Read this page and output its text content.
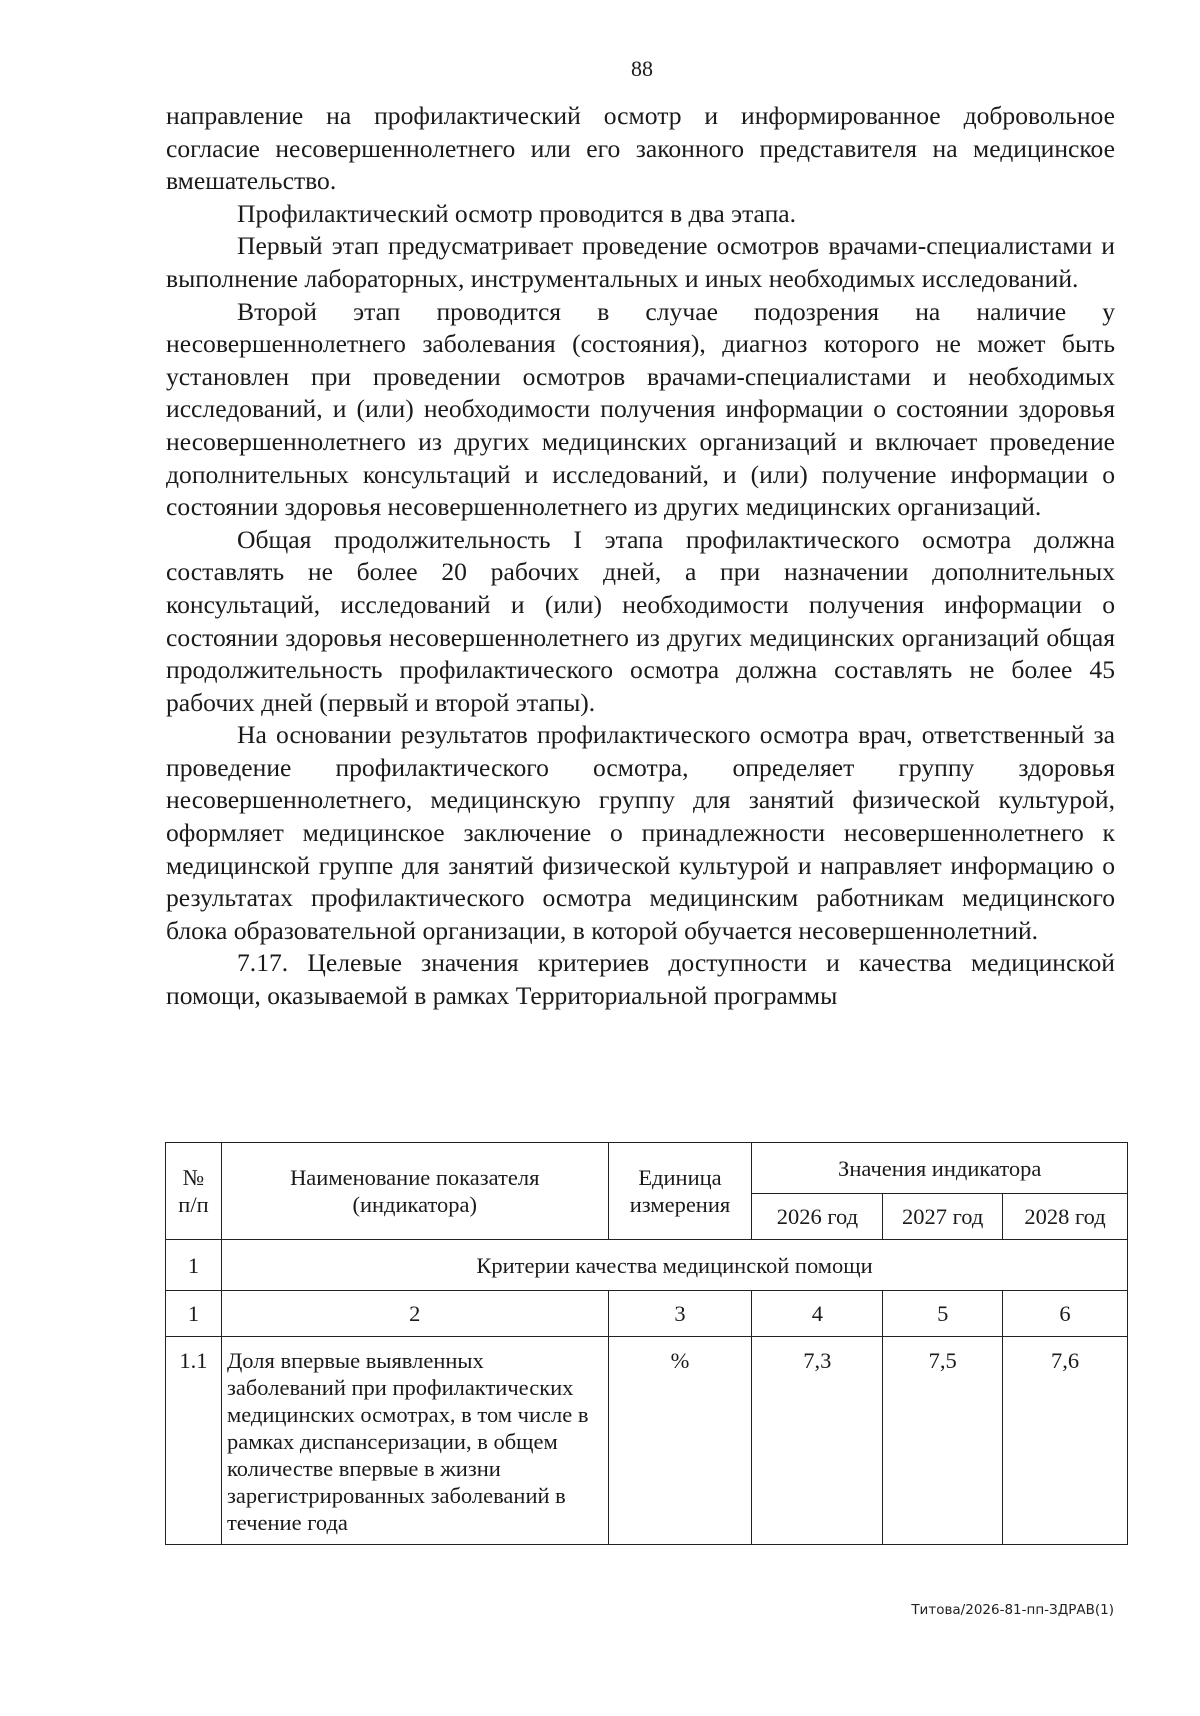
88

направление на профилактический осмотр и информированное добровольное согласие несовершеннолетнего или его законного представителя на медицинское вмешательство.

Профилактический осмотр проводится в два этапа.

Первый этап предусматривает проведение осмотров врачами-специалистами и выполнение лабораторных, инструментальных и иных необходимых исследований.

Второй этап проводится в случае подозрения на наличие у несовершеннолетнего заболевания (состояния), диагноз которого не может быть установлен при проведении осмотров врачами-специалистами и необходимых исследований, и (или) необходимости получения информации о состоянии здоровья несовершеннолетнего из других медицинских организаций и включает проведение дополнительных консультаций и исследований, и (или) получение информации о состоянии здоровья несовершеннолетнего из других медицинских организаций.

Общая продолжительность I этапа профилактического осмотра должна составлять не более 20 рабочих дней, а при назначении дополнительных консультаций, исследований и (или) необходимости получения информации о состоянии здоровья несовершеннолетнего из других медицинских организаций общая продолжительность профилактического осмотра должна составлять не более 45 рабочих дней (первый и второй этапы).

На основании результатов профилактического осмотра врач, ответственный за проведение профилактического осмотра, определяет группу здоровья несовершеннолетнего, медицинскую группу для занятий физической культурой, оформляет медицинское заключение о принадлежности несовершеннолетнего к медицинской группе для занятий физической культурой и направляет информацию о результатах профилактического осмотра медицинским работникам медицинского блока образовательной организации, в которой обучается несовершеннолетний.

7.17. Целевые значения критериев доступности и качества медицинской помощи, оказываемой в рамках Территориальной программы

№ п/п	Наименование показателя (индикатора)	Единица измерения	Значения индикатора		
			2026 год	2027 год	2028 год
1	Критерии качества медицинской помощи				
1	2	3	4	5	6
1.1	Доля впервые выявленных заболеваний при профилактических медицинских осмотрах, в том числе в рамках диспансеризации, в общем количестве впервые в жизни зарегистрированных заболеваний в течение года	%	7,3	7,5	7,6
Титова/2026-81-пп-ЗДРАВ(1)
